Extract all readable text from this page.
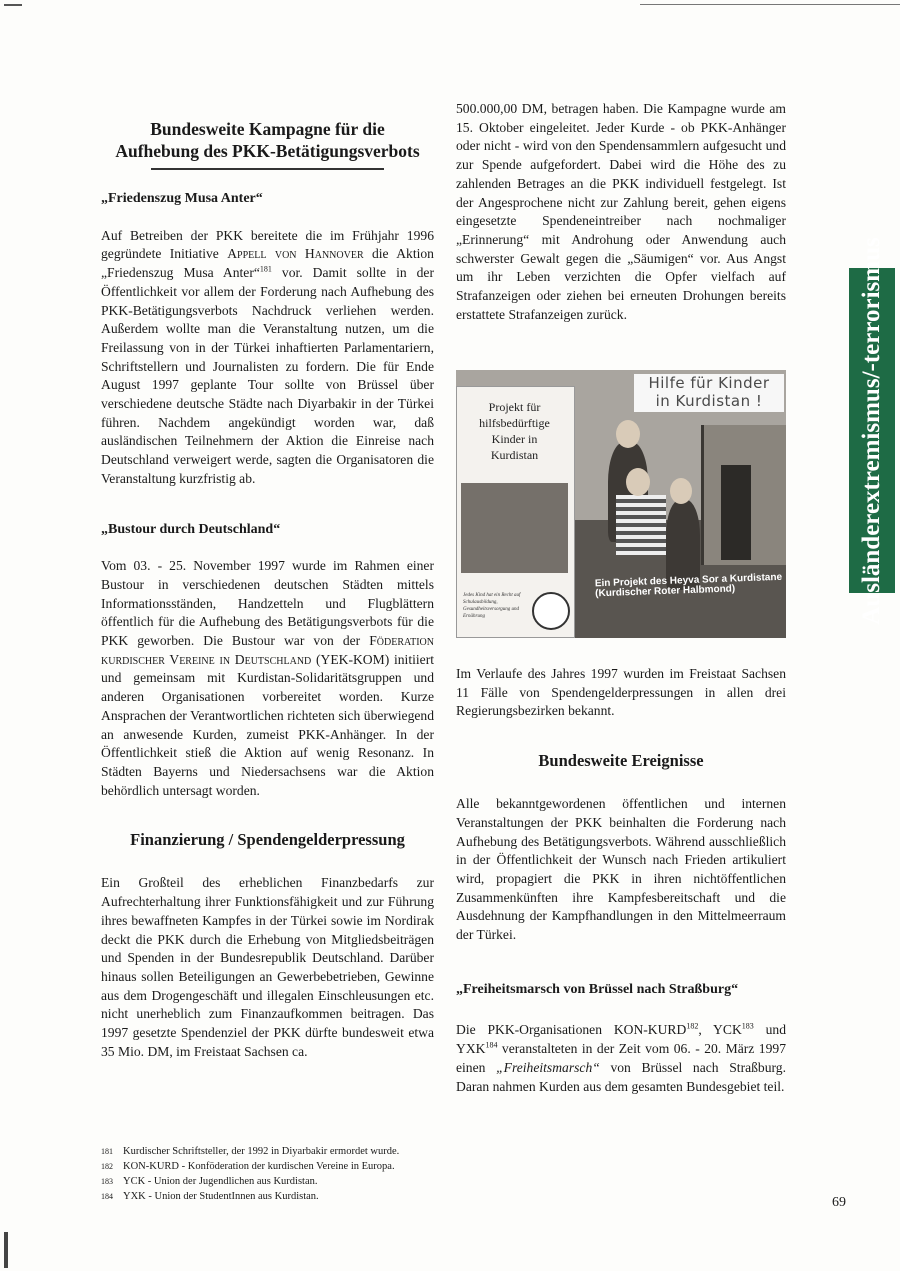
Ausländerextremismus/-terrorismus
Bundesweite Kampagne für die
Aufhebung des PKK-Betätigungsverbots

„Friedenszug Musa Anter“

Auf Betreiben der PKK bereitete die im Frühjahr 1996 gegründete Initiative Appell von Hannover die Aktion „Friedenszug Musa Anter“$^{181}$ vor. Damit sollte in der Öffentlichkeit vor allem der Forderung nach Aufhebung des PKK-Betätigungsverbots Nachdruck verliehen werden. Außerdem wollte man die Veranstaltung nutzen, um die Freilassung von in der Türkei inhaftierten Parlamentariern, Schriftstellern und Journalisten zu fordern. Die für Ende August 1997 geplante Tour sollte von Brüssel über verschiedene deutsche Städte nach Diyarbakir in der Türkei führen. Nachdem angekündigt worden war, daß ausländischen Teilnehmern der Aktion die Einreise nach Deutschland verweigert werde, sagten die Organisatoren die Veranstaltung kurzfristig ab.

„Bustour durch Deutschland“

Vom 03. - 25. November 1997 wurde im Rahmen einer Bustour in verschiedenen deutschen Städten mittels Informationsständen, Handzetteln und Flugblättern öffentlich für die Aufhebung des Betätigungsverbots für die PKK geworben. Die Bustour war von der Föderation kurdischer Vereine in Deutschland (YEK-KOM) initiiert und gemeinsam mit Kurdistan-Solidaritätsgruppen und anderen Organisationen vorbereitet worden. Kurze Ansprachen der Verantwortlichen richteten sich überwiegend an anwesende Kurden, zumeist PKK-Anhänger. In der Öffentlichkeit stieß die Aktion auf wenig Resonanz. In Städten Bayerns und Niedersachsens war die Aktion behördlich untersagt worden.

Finanzierung / Spendengelderpressung

Ein Großteil des erheblichen Finanzbedarfs zur Aufrechterhaltung ihrer Funktionsfähigkeit und zur Führung ihres bewaffneten Kampfes in der Türkei sowie im Nordirak deckt die PKK durch die Erhebung von Mitgliedsbeiträgen und Spenden in der Bundesrepublik Deutschland. Darüber hinaus sollen Beteiligungen an Gewerbebetrieben, Gewinne aus dem Drogengeschäft und illegalen Einschleusungen etc. nicht unerheblich zum Finanzaufkommen beitragen. Das 1997 gesetzte Spendenziel der PKK dürfte bundesweit etwa 35 Mio. DM, im Freistaat Sachsen ca.

500.000,00 DM, betragen haben. Die Kampagne wurde am 15. Oktober eingeleitet. Jeder Kurde - ob PKK-Anhänger oder nicht - wird von den Spendensammlern aufgesucht und zur Spende aufgefordert. Dabei wird die Höhe des zu zahlenden Betrages an die PKK individuell festgelegt. Ist der Angesprochene nicht zur Zahlung bereit, gehen eigens eingesetzte Spendeneintreiber nach nochmaliger „Erinnerung“ mit Androhung oder Anwendung auch schwerster Gewalt gegen die „Säumigen“ vor. Aus Angst um ihr Leben verzichten die Opfer vielfach auf Strafanzeigen oder ziehen bei erneuten Drohungen bereits erstattete Strafanzeigen zurück.

Im Verlaufe des Jahres 1997 wurden im Freistaat Sachsen 11 Fälle von Spendengelderpressungen in allen drei Regierungsbezirken bekannt.

Bundesweite Ereignisse

Alle bekanntgewordenen öffentlichen und internen Veranstaltungen der PKK beinhalten die Forderung nach Aufhebung des Betätigungsverbots. Während ausschließlich in der Öffentlichkeit der Wunsch nach Frieden artikuliert wird, propagiert die PKK in ihren nichtöffentlichen Zusammenkünften ihre Kampfesbereitschaft und die Ausdehnung der Kampfhandlungen in den Mittelmeerraum der Türkei.

„Freiheitsmarsch von Brüssel nach Straßburg“

Die PKK-Organisationen KON-KURD$^{182}$, YCK$^{183}$ und YXK$^{184}$ veranstalteten in der Zeit vom 06. - 20. März 1997 einen „Freiheitsmarsch“ von Brüssel nach Straßburg. Daran nahmen Kurden aus dem gesamten Bundesgebiet teil.

Projekt für hilfsbedürftige Kinder in Kurdistan
Jedes Kind hat ein Recht auf Schulausbildung, Gesundheitsversorgung und Ernährung
Hilfe für Kinder
in Kurdistan !
Ein Projekt des Heyva Sor a Kurdistane (Kurdischer Roter Halbmond)
181 Kurdischer Schriftsteller, der 1992 in Diyarbakir ermordet wurde.
182 KON-KURD - Konföderation der kurdischen Vereine in Europa.
183 YCK - Union der Jugendlichen aus Kurdistan.
184 YXK - Union der StudentInnen aus Kurdistan.	69
